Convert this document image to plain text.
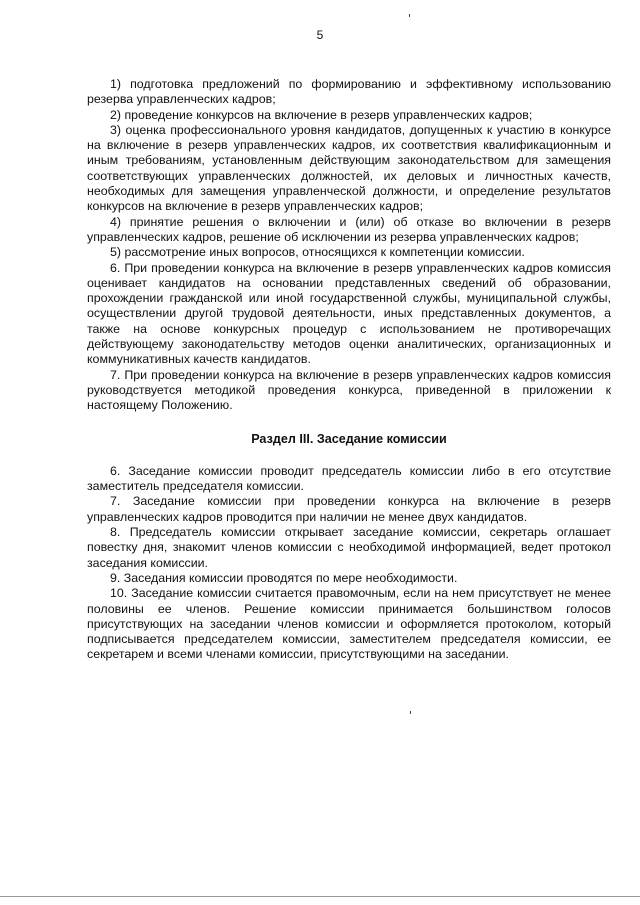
5

1) подготовка предложений по формированию и эффективному использованию резерва управленческих кадров;

2) проведение конкурсов на включение в резерв управленческих кадров;

3) оценка профессионального уровня кандидатов, допущенных к участию в конкурсе на включение в резерв управленческих кадров, их соответствия квалификационным и иным требованиям, установленным действующим законодательством для замещения соответствующих управленческих должностей, их деловых и личностных качеств, необходимых для замещения управленческой должности, и определение результатов конкурсов на включение в резерв управленческих кадров;

4) принятие решения о включении и (или) об отказе во включении в резерв управленческих кадров, решение об исключении из резерва управленческих кадров;

5) рассмотрение иных вопросов, относящихся к компетенции комиссии.

6. При проведении конкурса на включение в резерв управленческих кадров комиссия оценивает кандидатов на основании представленных сведений об образовании, прохождении гражданской или иной государственной службы, муниципальной службы, осуществлении другой трудовой деятельности, иных представленных документов, а также на основе конкурсных процедур с использованием не противоречащих действующему законодательству методов оценки аналитических, организационных и коммуникативных качеств кандидатов.

7. При проведении конкурса на включение в резерв управленческих кадров комиссия руководствуется методикой проведения конкурса, приведенной в приложении к настоящему Положению.

Раздел III. Заседание комиссии

6. Заседание комиссии проводит председатель комиссии либо в его отсутствие заместитель председателя комиссии.

7. Заседание комиссии при проведении конкурса на включение в резерв управленческих кадров проводится при наличии не менее двух кандидатов.

8. Председатель комиссии открывает заседание комиссии, секретарь оглашает повестку дня, знакомит членов комиссии с необходимой информацией, ведет протокол заседания комиссии.

9. Заседания комиссии проводятся по мере необходимости.

10. Заседание комиссии считается правомочным, если на нем присутствует не менее половины ее членов. Решение комиссии принимается большинством голосов присутствующих на заседании членов комиссии и оформляется протоколом, который подписывается председателем комиссии, заместителем председателя комиссии, ее секретарем и всеми членами комиссии, присутствующими на заседании.
